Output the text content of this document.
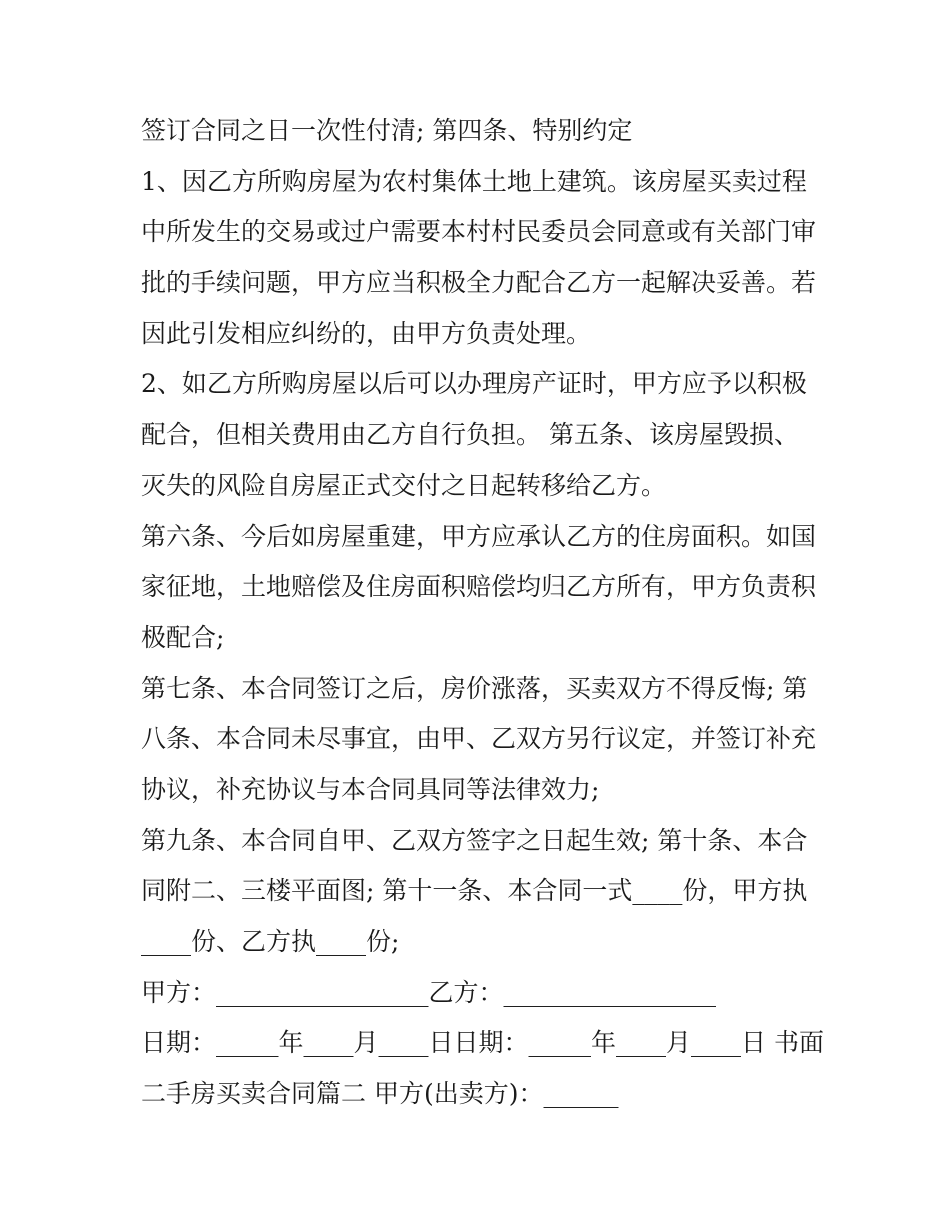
签订合同之日一次性付清; 第四条、特别约定
1、因乙方所购房屋为农村集体土地上建筑。该房屋买卖过程
中所发生的交易或过户需要本村村民委员会同意或有关部门审
批的手续问题，甲方应当积极全力配合乙方一起解决妥善。若
因此引发相应纠纷的，由甲方负责处理。
2、如乙方所购房屋以后可以办理房产证时，甲方应予以积极
配合，但相关费用由乙方自行负担。 第五条、该房屋毁损、
灭失的风险自房屋正式交付之日起转移给乙方。
第六条、今后如房屋重建，甲方应承认乙方的住房面积。如国
家征地，土地赔偿及住房面积赔偿均归乙方所有，甲方负责积
极配合;
第七条、本合同签订之后，房价涨落，买卖双方不得反悔; 第
八条、本合同未尽事宜，由甲、乙双方另行议定，并签订补充
协议，补充协议与本合同具同等法律效力;
第九条、本合同自甲、乙双方签字之日起生效; 第十条、本合
同附二、三楼平面图; 第十一条、本合同一式____份，甲方执
____份、乙方执____份;
甲方：_________________乙方：_________________
日期：_____年____月____日日期：_____年____月____日 书面
二手房买卖合同篇二 甲方(出卖方)：______
